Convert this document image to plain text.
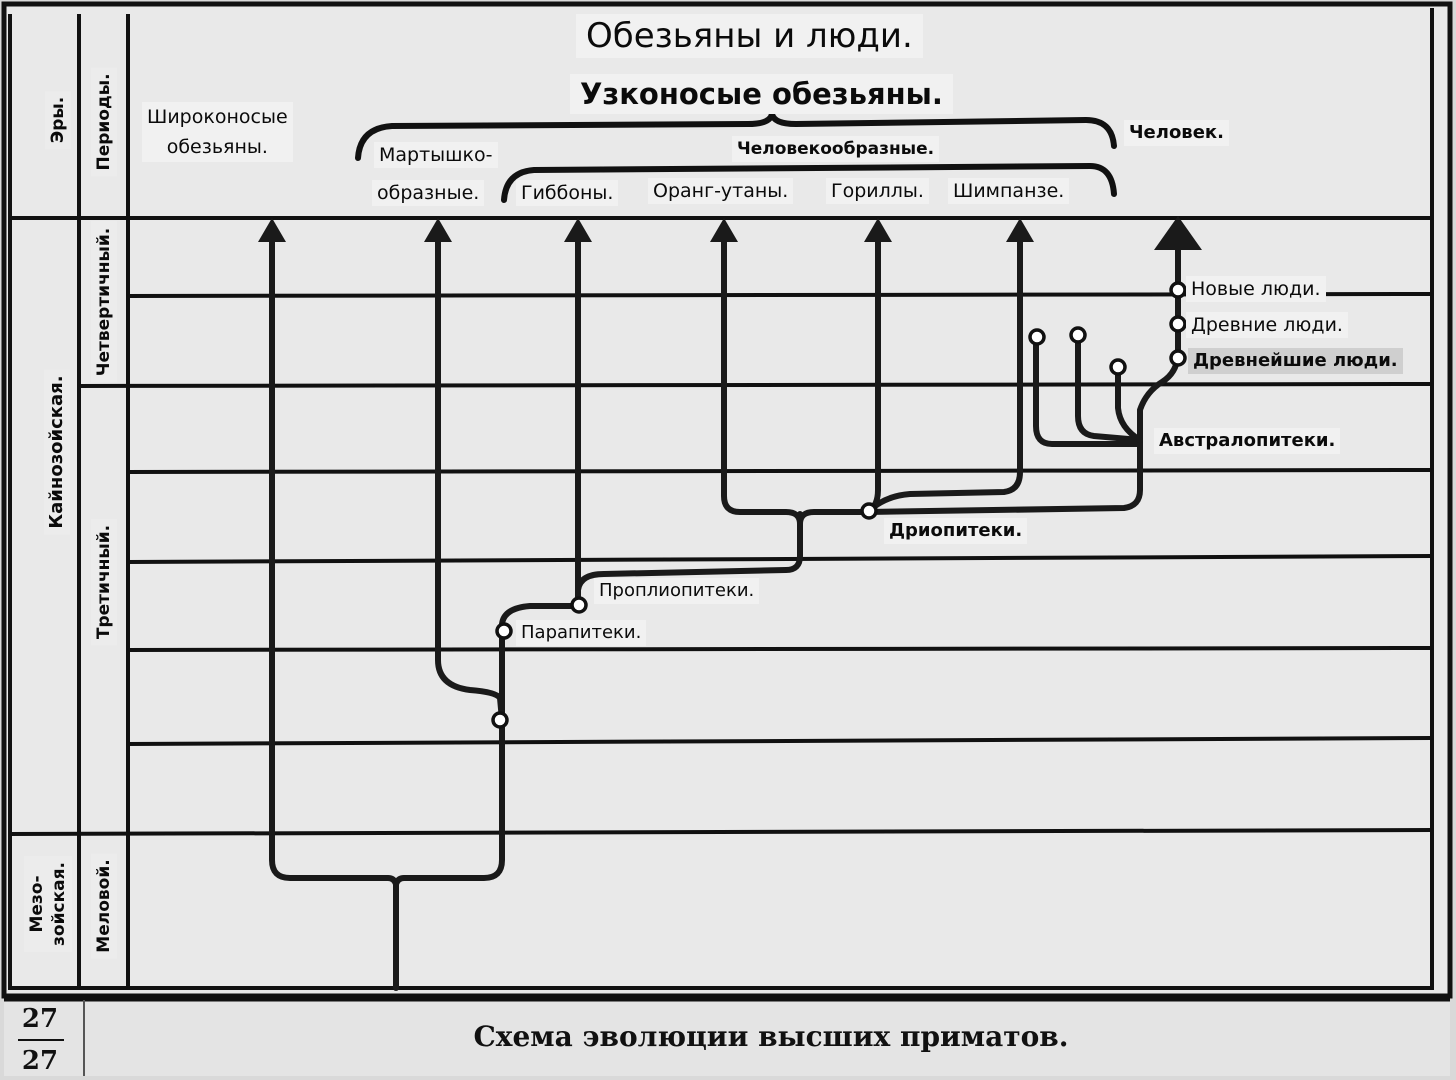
Обезьяны и люди.
Узконосые обезьяны.
Эры. Периоды.
Кайнозойская.
Мезо-
зойская.
Четвертичный.
Третичный.
Меловой.
Широконосые
обезьяны.	Мартышко-
образные.
Человекообразные.
Гиббоны. Оранг-утаны. Гориллы. Шимпанзе.
Человек.
Парапитеки.
Проплиопитеки.
Дриопитеки.
Австралопитеки.
Новые люди.
Древние люди.
Древнейшие люди.
Схема эволюции высших приматов.
27
27
